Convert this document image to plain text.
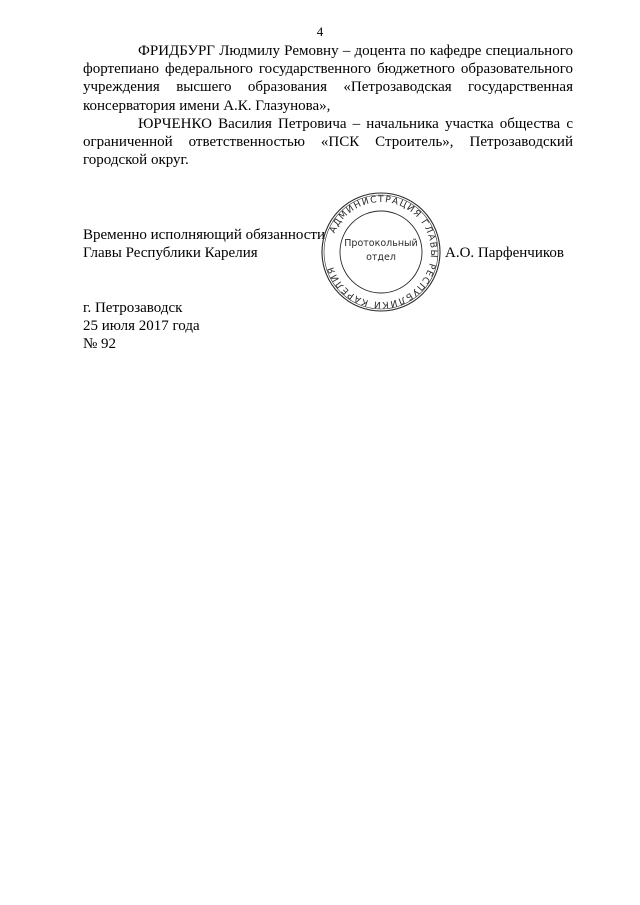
4

ФРИДБУРГ Людмилу Ремовну – доцента по кафедре специального фортепиано федерального государственного бюджетного образовательного учреждения высшего образования «Петрозаводская государственная консерватория имени А.К. Глазунова»,

ЮРЧЕНКО Василия Петровича – начальника участка общества с ограниченной ответственностью «ПСК Строитель», Петрозаводский городской округ.

Временно исполняющий обязанности
Главы Республики Карелия
АДМИНИСТРАЦИЯ ГЛАВЫ РЕСПУБЛИКИ КАРЕЛИЯ
Протокольный
отдел	А.О. Парфенчиков
г. Петрозаводск
25 июля 2017 года
№ 92
